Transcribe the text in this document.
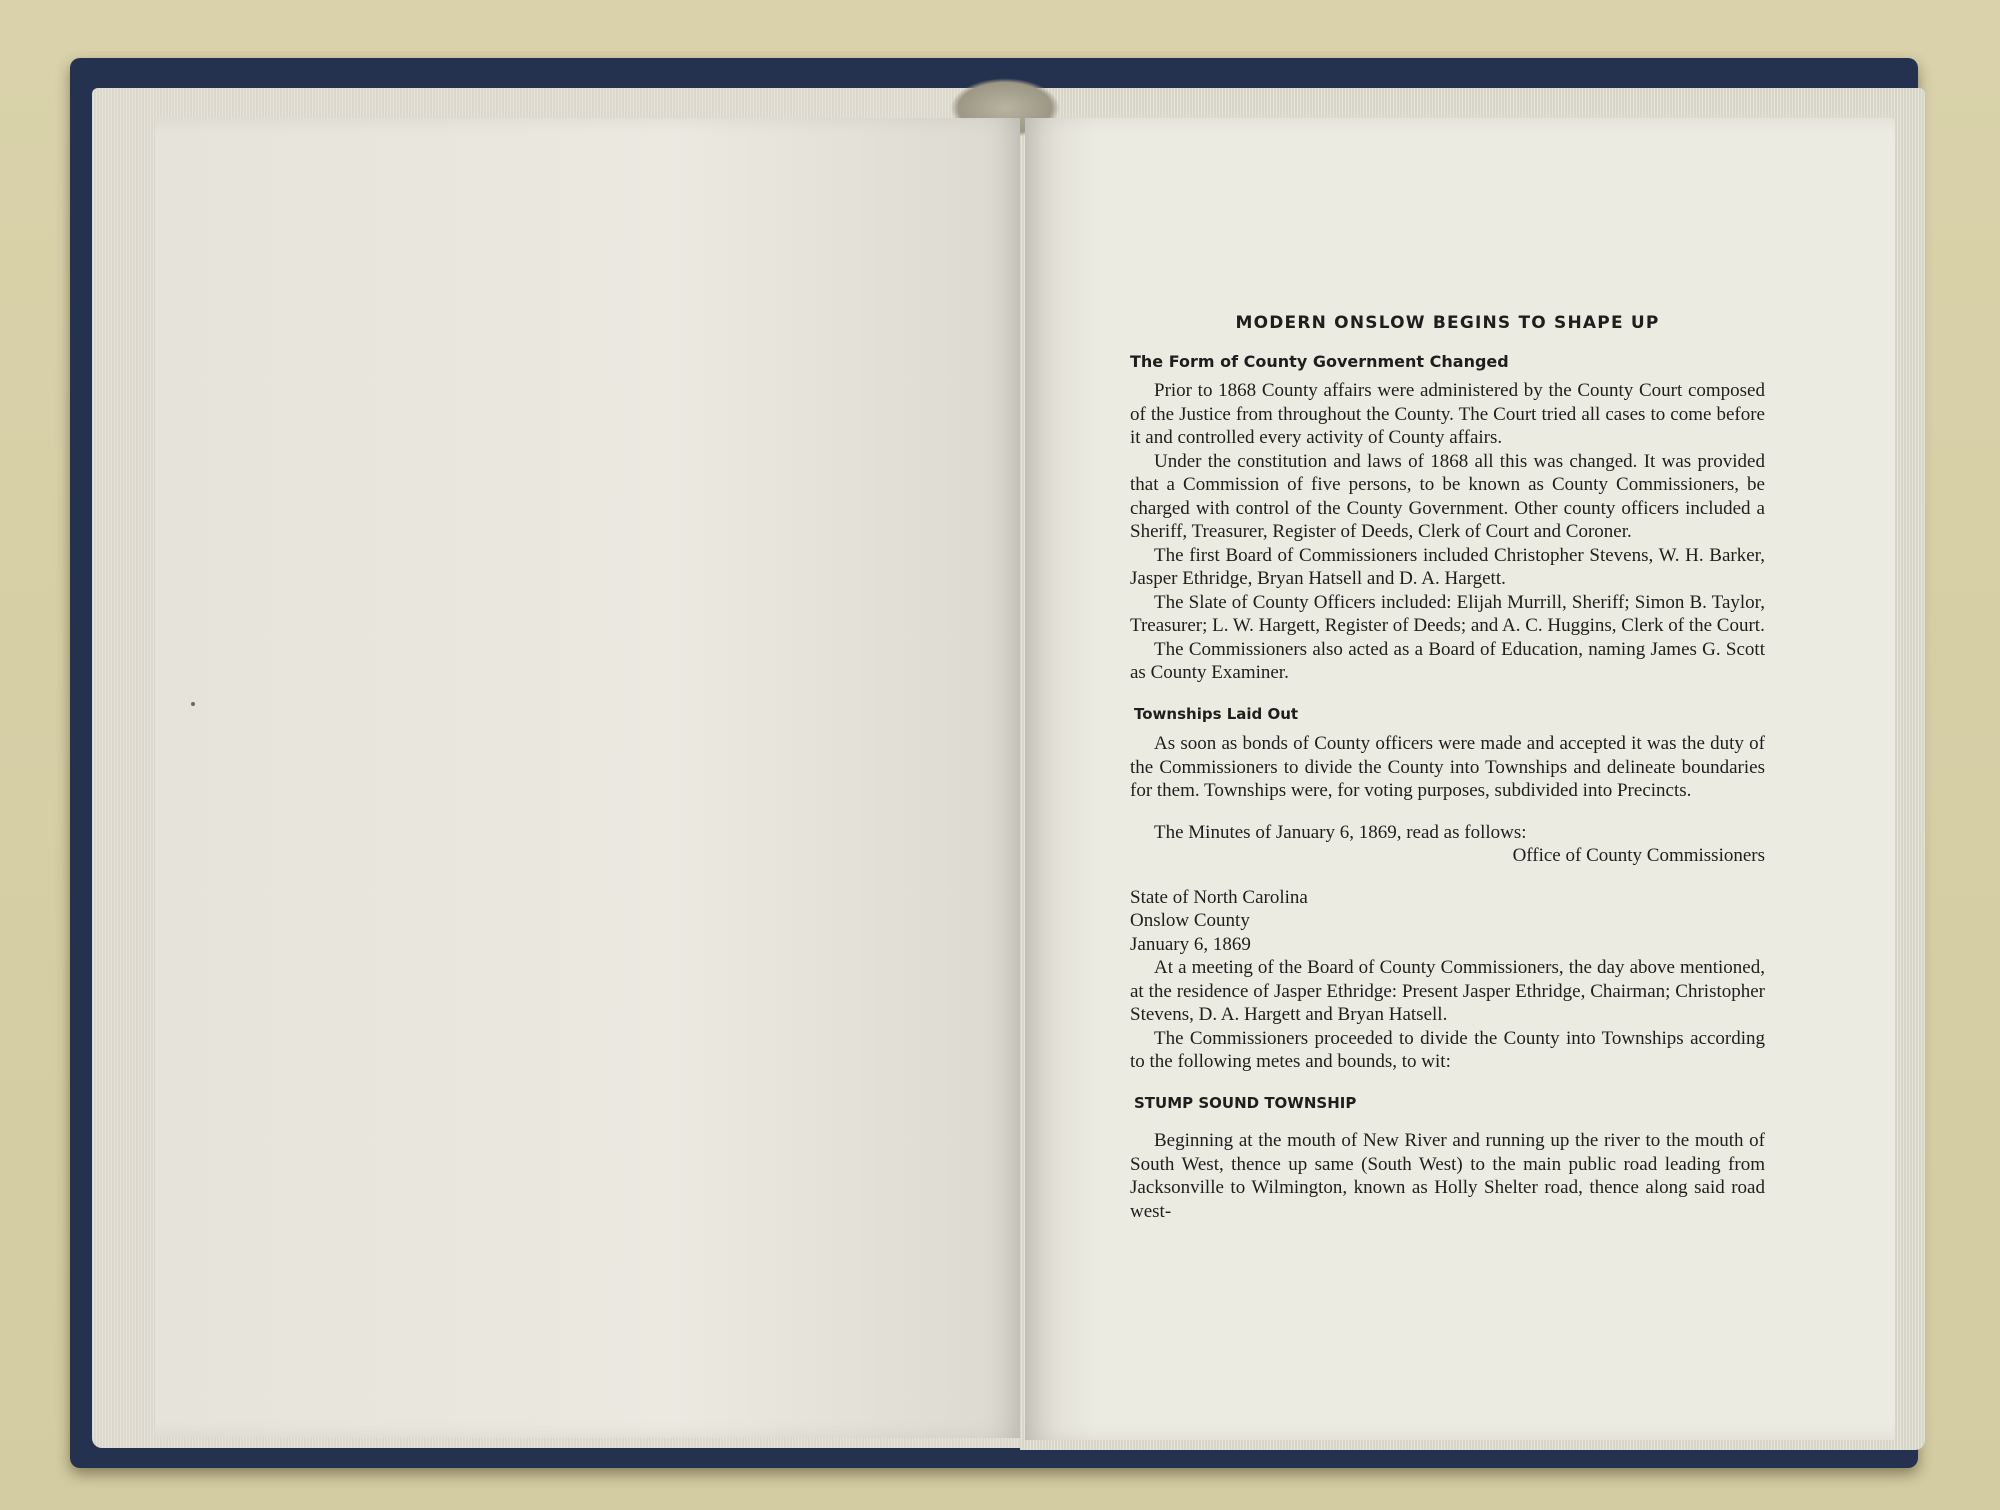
MODERN ONSLOW BEGINS TO SHAPE UP
The Form of County Government Changed

Prior to 1868 County affairs were administered by the County Court composed of the Justice from throughout the County. The Court tried all cases to come before it and controlled every activity of County affairs.

Under the constitution and laws of 1868 all this was changed. It was provided that a Commission of five persons, to be known as County Commissioners, be charged with control of the County Government. Other county officers included a Sheriff, Treasurer, Register of Deeds, Clerk of Court and Coroner.

The first Board of Commissioners included Christopher Stevens, W. H. Barker, Jasper Ethridge, Bryan Hatsell and D. A. Hargett.

The Slate of County Officers included: Elijah Murrill, Sheriff; Simon B. Taylor, Treasurer; L. W. Hargett, Register of Deeds; and A. C. Huggins, Clerk of the Court.

The Commissioners also acted as a Board of Education, naming James G. Scott as County Examiner.

Townships Laid Out

As soon as bonds of County officers were made and accepted it was the duty of the Commissioners to divide the County into Townships and delineate boundaries for them. Townships were, for voting purposes, subdivided into Precincts.

The Minutes of January 6, 1869, read as follows:

Office of County Commissioners

State of North Carolina

Onslow County

January 6, 1869

At a meeting of the Board of County Commissioners, the day above mentioned, at the residence of Jasper Ethridge: Present Jasper Ethridge, Chairman; Christopher Stevens, D. A. Hargett and Bryan Hatsell.

The Commissioners proceeded to divide the County into Townships according to the following metes and bounds, to wit:

STUMP SOUND TOWNSHIP

Beginning at the mouth of New River and running up the river to the mouth of South West, thence up same (South West) to the main public road leading from Jacksonville to Wilmington, known as Holly Shelter road, thence along said road west-
